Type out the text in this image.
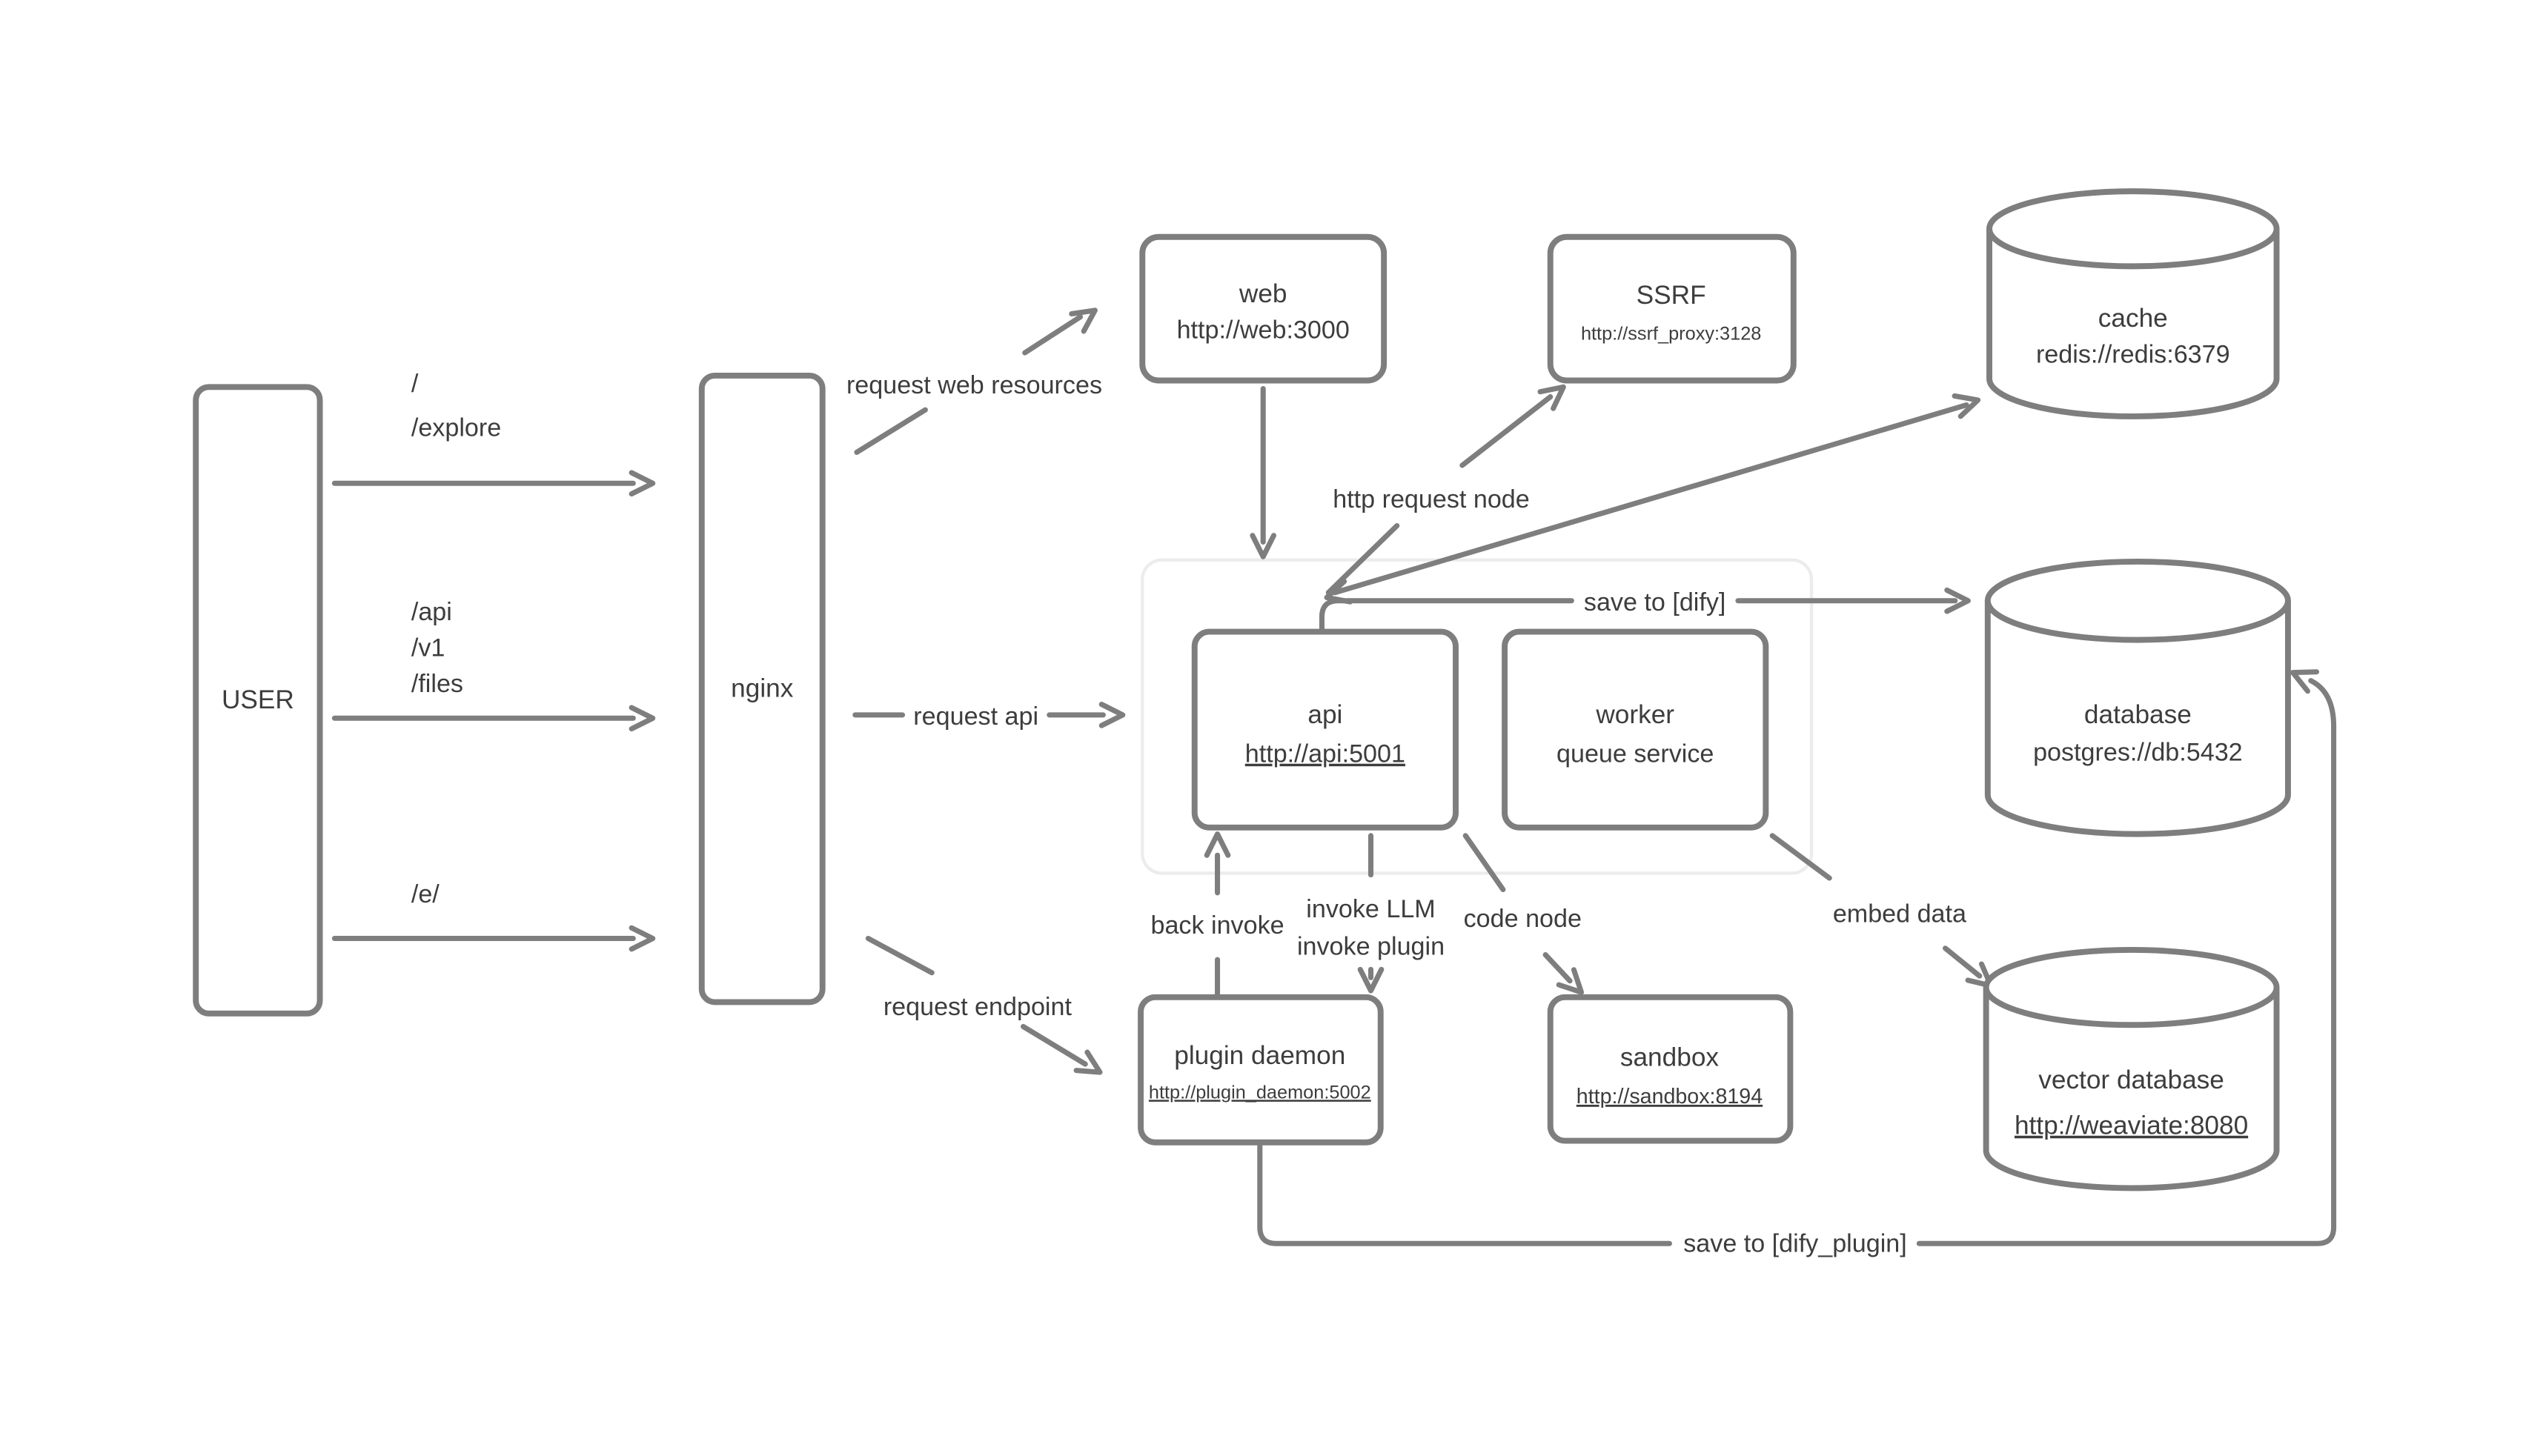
/
/explore
/api
/v1
/files
/e/
request web resources
request api
request endpoint
http request node
save to [dify]
back invoke
invoke LLM
invoke plugin
code node	embed data
save to [dify_plugin]
USER	nginx
web
http://web:3000
SSRF
http://ssrf_proxy:3128
cache
redis://redis:6379
api
http://api:5001
worker
queue service
database
postgres://db:5432
plugin daemon
http://plugin_daemon:5002
sandbox
http://sandbox:8194
vector database
http://weaviate:8080
